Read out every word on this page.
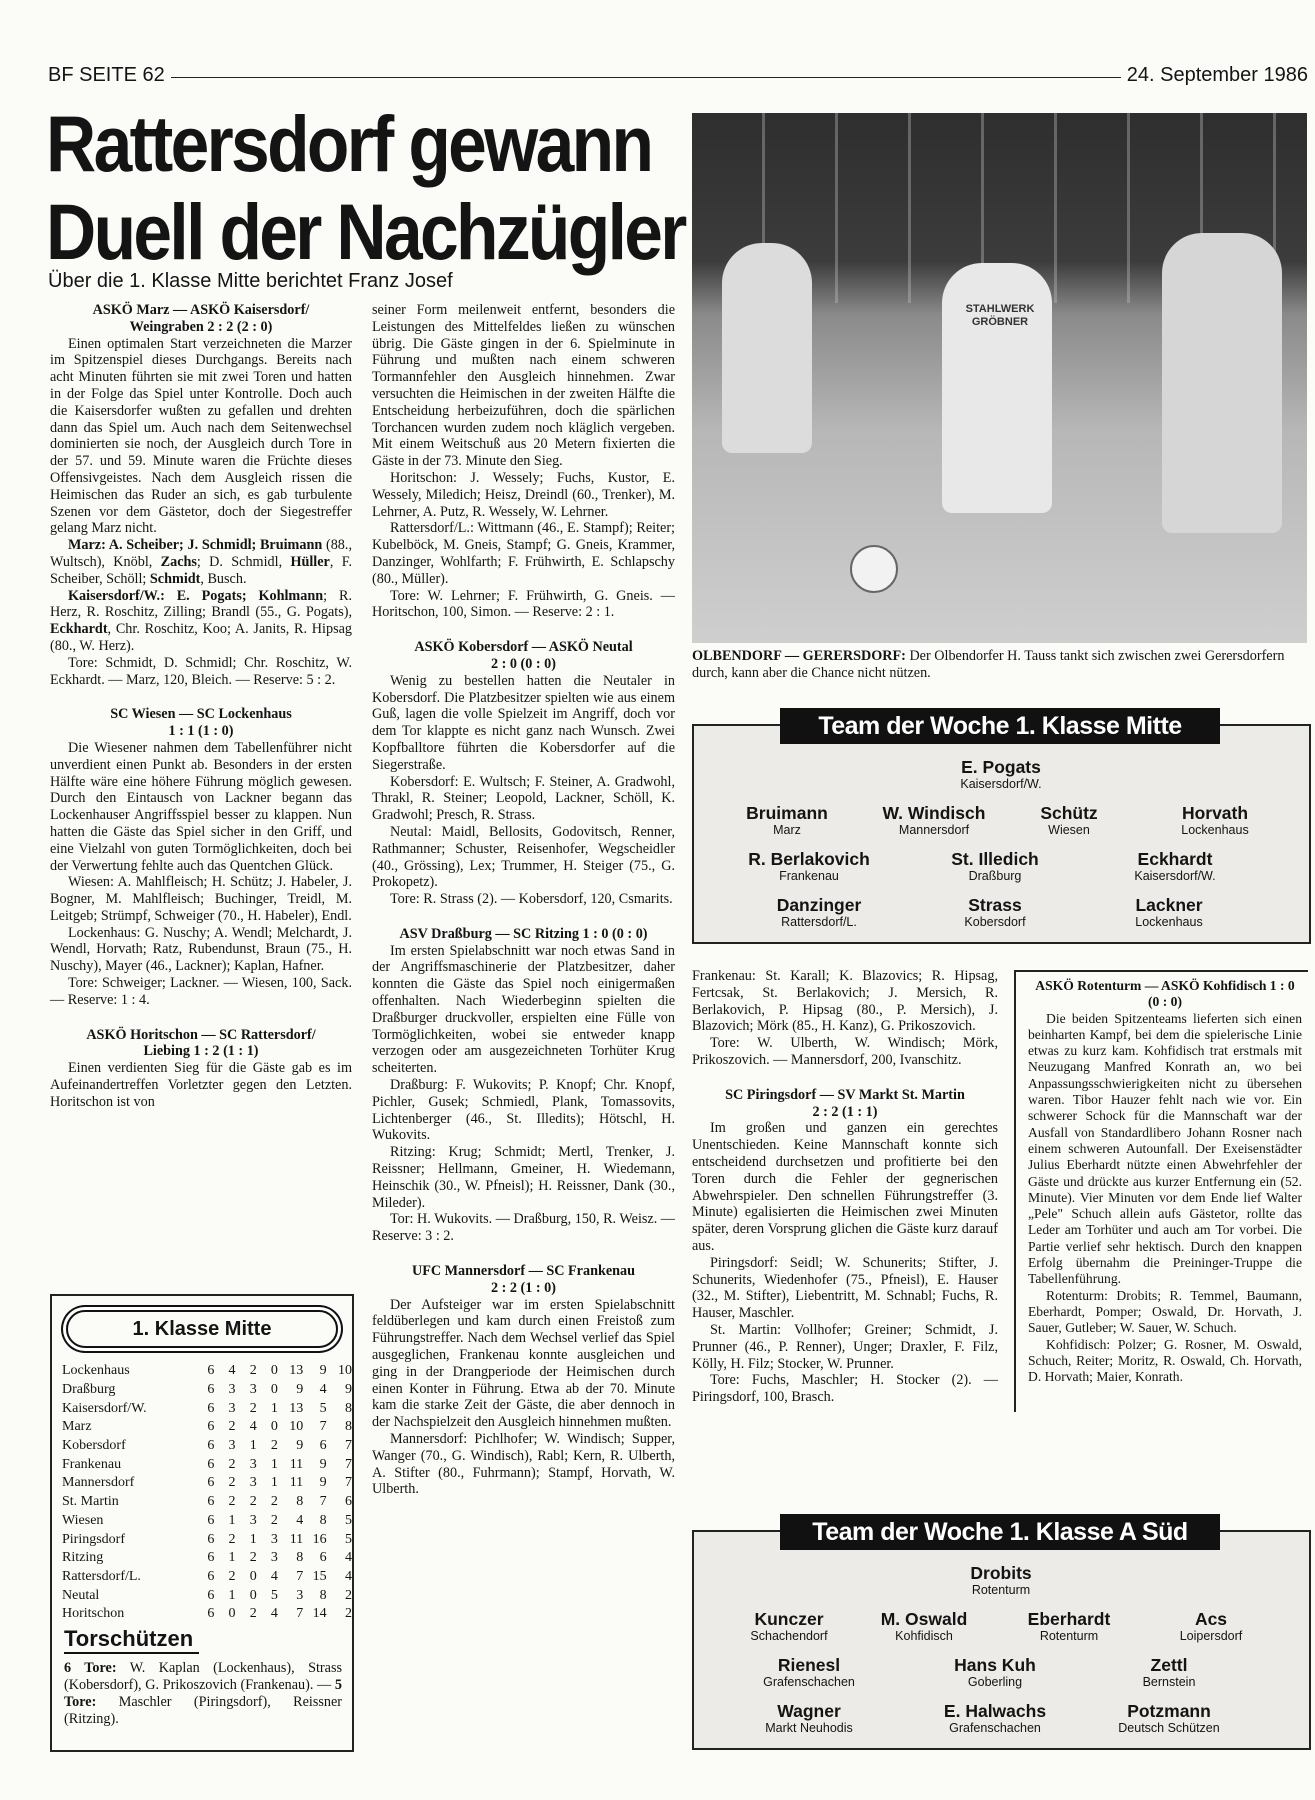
BF SEITE 62	24. September 1986
Rattersdorf gewann
Duell der Nachzügler
Über die 1. Klasse Mitte berichtet Franz Josef

ASKÖ Marz — ASKÖ Kaisersdorf/

Weingraben 2 : 2 (2 : 0)

Einen optimalen Start verzeichneten die Marzer im Spitzenspiel dieses Durchgangs. Bereits nach acht Minuten führten sie mit zwei Toren und hatten in der Folge das Spiel unter Kontrolle. Doch auch die Kaisersdorfer wußten zu gefallen und drehten dann das Spiel um. Auch nach dem Seitenwechsel dominierten sie noch, der Ausgleich durch Tore in der 57. und 59. Minute waren die Früchte dieses Offensivgeistes. Nach dem Ausgleich rissen die Heimischen das Ruder an sich, es gab turbulente Szenen vor dem Gästetor, doch der Siegestreffer gelang Marz nicht.

Marz: A. Scheiber; J. Schmidl; Bruimann (88., Wultsch), Knöbl, Zachs; D. Schmidl, Hüller, F. Scheiber, Schöll; Schmidt, Busch.

Kaisersdorf/W.: E. Pogats; Kohlmann; R. Herz, R. Roschitz, Zilling; Brandl (55., G. Pogats), Eckhardt, Chr. Roschitz, Koo; A. Janits, R. Hipsag (80., W. Herz).

Tore: Schmidt, D. Schmidl; Chr. Roschitz, W. Eckhardt. — Marz, 120, Bleich. — Reserve: 5 : 2.

SC Wiesen — SC Lockenhaus

1 : 1 (1 : 0)

Die Wiesener nahmen dem Tabellenführer nicht unverdient einen Punkt ab. Besonders in der ersten Hälfte wäre eine höhere Führung möglich gewesen. Durch den Eintausch von Lackner begann das Lockenhauser Angriffsspiel besser zu klappen. Nun hatten die Gäste das Spiel sicher in den Griff, und eine Vielzahl von guten Tormöglichkeiten, doch bei der Verwertung fehlte auch das Quentchen Glück.

Wiesen: A. Mahlfleisch; H. Schütz; J. Habeler, J. Bogner, M. Mahlfleisch; Buchinger, Treidl, M. Leitgeb; Strümpf, Schweiger (70., H. Habeler), Endl.

Lockenhaus: G. Nuschy; A. Wendl; Melchardt, J. Wendl, Horvath; Ratz, Rubendunst, Braun (75., H. Nuschy), Mayer (46., Lackner); Kaplan, Hafner.

Tore: Schweiger; Lackner. — Wiesen, 100, Sack. — Reserve: 1 : 4.

ASKÖ Horitschon — SC Rattersdorf/

Liebing 1 : 2 (1 : 1)

Einen verdienten Sieg für die Gäste gab es im Aufeinandertreffen Vorletzter gegen den Letzten. Horitschon ist von

seiner Form meilenweit entfernt, besonders die Leistungen des Mittelfeldes ließen zu wünschen übrig. Die Gäste gingen in der 6. Spielminute in Führung und mußten nach einem schweren Tormannfehler den Ausgleich hinnehmen. Zwar versuchten die Heimischen in der zweiten Hälfte die Entscheidung herbeizuführen, doch die spärlichen Torchancen wurden zudem noch kläglich vergeben. Mit einem Weitschuß aus 20 Metern fixierten die Gäste in der 73. Minute den Sieg.

Horitschon: J. Wessely; Fuchs, Kustor, E. Wessely, Miledich; Heisz, Dreindl (60., Trenker), M. Lehrner, A. Putz, R. Wessely, W. Lehrner.

Rattersdorf/L.: Wittmann (46., E. Stampf); Reiter; Kubelböck, M. Gneis, Stampf; G. Gneis, Krammer, Danzinger, Wohlfarth; F. Frühwirth, E. Schlapschy (80., Müller).

Tore: W. Lehrner; F. Frühwirth, G. Gneis. — Horitschon, 100, Simon. — Reserve: 2 : 1.

ASKÖ Kobersdorf — ASKÖ Neutal

2 : 0 (0 : 0)

Wenig zu bestellen hatten die Neutaler in Kobersdorf. Die Platzbesitzer spielten wie aus einem Guß, lagen die volle Spielzeit im Angriff, doch vor dem Tor klappte es nicht ganz nach Wunsch. Zwei Kopfballtore führten die Kobersdorfer auf die Siegerstraße.

Kobersdorf: E. Wultsch; F. Steiner, A. Gradwohl, Thrakl, R. Steiner; Leopold, Lackner, Schöll, K. Gradwohl; Presch, R. Strass.

Neutal: Maidl, Bellosits, Godovitsch, Renner, Rathmanner; Schuster, Reisenhofer, Wegscheidler (40., Grössing), Lex; Trummer, H. Steiger (75., G. Prokopetz).

Tore: R. Strass (2). — Kobersdorf, 120, Csmarits.

ASV Draßburg — SC Ritzing 1 : 0 (0 : 0)

Im ersten Spielabschnitt war noch etwas Sand in der Angriffsmaschinerie der Platzbesitzer, daher konnten die Gäste das Spiel noch einigermaßen offenhalten. Nach Wiederbeginn spielten die Draßburger druckvoller, erspielten eine Fülle von Tormöglichkeiten, wobei sie entweder knapp verzogen oder am ausgezeichneten Torhüter Krug scheiterten.

Draßburg: F. Wukovits; P. Knopf; Chr. Knopf, Pichler, Gusek; Schmiedl, Plank, Tomassovits, Lichtenberger (46., St. Illedits); Hötschl, H. Wukovits.

Ritzing: Krug; Schmidt; Mertl, Trenker, J. Reissner; Hellmann, Gmeiner, H. Wiedemann, Heinschik (30., W. Pfneisl); H. Reissner, Dank (30., Mileder).

Tor: H. Wukovits. — Draßburg, 150, R. Weisz. — Reserve: 3 : 2.

UFC Mannersdorf — SC Frankenau

2 : 2 (1 : 0)

Der Aufsteiger war im ersten Spielabschnitt feldüberlegen und kam durch einen Freistoß zum Führungstreffer. Nach dem Wechsel verlief das Spiel ausgeglichen, Frankenau konnte ausgleichen und ging in der Drangperiode der Heimischen durch einen Konter in Führung. Etwa ab der 70. Minute kam die starke Zeit der Gäste, die aber dennoch in der Nachspielzeit den Ausgleich hinnehmen mußten.

Mannersdorf: Pichlhofer; W. Windisch; Supper, Wanger (70., G. Windisch), Rabl; Kern, R. Ulberth, A. Stifter (80., Fuhrmann); Stampf, Horvath, W. Ulberth.

STAHLWERK GRÖBNER
OLBENDORF — GERERSDORF: Der Olbendorfer H. Tauss tankt sich zwischen zwei Gerersdorfern durch, kann aber die Chance nicht nützen.
Team der Woche 1. Klasse Mitte
E. Pogats
Kaisersdorf/W.
Bruimann
Marz
W. Windisch
Mannersdorf
Schütz
Wiesen
Horvath
Lockenhaus
R. Berlakovich
Frankenau
St. Illedich
Draßburg
Eckhardt
Kaisersdorf/W.
Danzinger
Rattersdorf/L.
Strass
Kobersdorf
Lackner
Lockenhaus

Frankenau: St. Karall; K. Blazovics; R. Hipsag, Fertcsak, St. Berlakovich; J. Mersich, R. Berlakovich, P. Hipsag (80., P. Mersich), J. Blazovich; Mörk (85., H. Kanz), G. Prikoszovich.

Tore: W. Ulberth, W. Windisch; Mörk, Prikoszovich. — Mannersdorf, 200, Ivanschitz.

SC Piringsdorf — SV Markt St. Martin

2 : 2 (1 : 1)

Im großen und ganzen ein gerechtes Unentschieden. Keine Mannschaft konnte sich entscheidend durchsetzen und profitierte bei den Toren durch die Fehler der gegnerischen Abwehrspieler. Den schnellen Führungstreffer (3. Minute) egalisierten die Heimischen zwei Minuten später, deren Vorsprung glichen die Gäste kurz darauf aus.

Piringsdorf: Seidl; W. Schunerits; Stifter, J. Schunerits, Wiedenhofer (75., Pfneisl), E. Hauser (32., M. Stifter), Liebentritt, M. Schnabl; Fuchs, R. Hauser, Maschler.

St. Martin: Vollhofer; Greiner; Schmidt, J. Prunner (46., P. Renner), Unger; Draxler, F. Filz, Kölly, H. Filz; Stocker, W. Prunner.

Tore: Fuchs, Maschler; H. Stocker (2). — Piringsdorf, 100, Brasch.

ASKÖ Rotenturm — ASKÖ Kohfidisch 1 : 0 (0 : 0)

Die beiden Spitzenteams lieferten sich einen beinharten Kampf, bei dem die spielerische Linie etwas zu kurz kam. Kohfidisch trat erstmals mit Neuzugang Manfred Konrath an, wo bei Anpassungsschwierigkeiten nicht zu übersehen waren. Tibor Hauzer fehlt nach wie vor. Ein schwerer Schock für die Mannschaft war der Ausfall von Standardlibero Johann Rosner nach einem schweren Autounfall. Der Exeisenstädter Julius Eberhardt nützte einen Abwehrfehler der Gäste und drückte aus kurzer Entfernung ein (52. Minute). Vier Minuten vor dem Ende lief Walter „Pele" Schuch allein aufs Gästetor, rollte das Leder am Torhüter und auch am Tor vorbei. Die Partie verlief sehr hektisch. Durch den knappen Erfolg übernahm die Preininger-Truppe die Tabellenführung.

Rotenturm: Drobits; R. Temmel, Baumann, Eberhardt, Pomper; Oswald, Dr. Horvath, J. Sauer, Gutleber; W. Sauer, W. Schuch.

Kohfidisch: Polzer; G. Rosner, M. Oswald, Schuch, Reiter; Moritz, R. Oswald, Ch. Horvath, D. Horvath; Maier, Konrath.

Team der Woche 1. Klasse A Süd
Drobits
Rotenturm
Kunczer
Schachendorf
M. Oswald
Kohfidisch
Eberhardt
Rotenturm
Acs
Loipersdorf
Rienesl
Grafenschachen
Hans Kuh
Goberling
Zettl
Bernstein
Wagner
Markt Neuhodis
E. Halwachs
Grafenschachen
Potzmann
Deutsch Schützen
1. Klasse Mitte
Lockenhaus	6	4	2	0	13	9	10
Draßburg	6	3	3	0	9	4	9
Kaisersdorf/W.	6	3	2	1	13	5	8
Marz	6	2	4	0	10	7	8
Kobersdorf	6	3	1	2	9	6	7
Frankenau	6	2	3	1	11	9	7
Mannersdorf	6	2	3	1	11	9	7
St. Martin	6	2	2	2	8	7	6
Wiesen	6	1	3	2	4	8	5
Piringsdorf	6	2	1	3	11	16	5
Ritzing	6	1	2	3	8	6	4
Rattersdorf/L.	6	2	0	4	7	15	4
Neutal	6	1	0	5	3	8	2
Horitschon	6	0	2	4	7	14	2
Torschützen
6 Tore: W. Kaplan (Lockenhaus), Strass (Kobersdorf), G. Prikoszovich (Frankenau). — 5 Tore: Maschler (Piringsdorf), Reissner (Ritzing).
